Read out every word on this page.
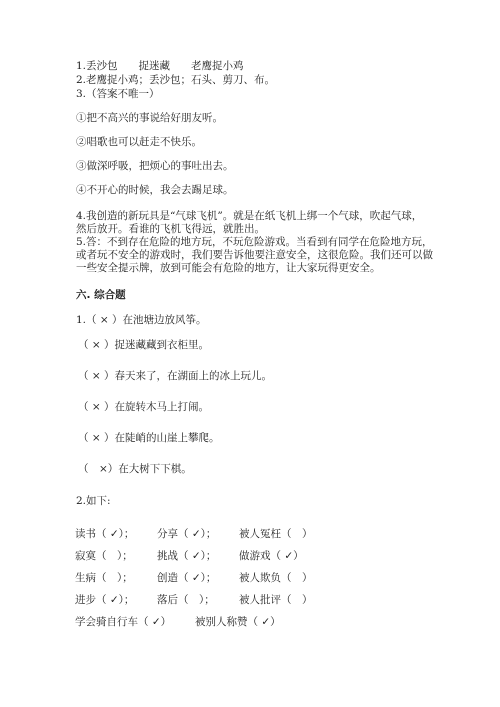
1.丢沙包　　捉迷藏　　老鹰捉小鸡
2.老鹰捉小鸡；丢沙包；石头、剪刀、布。
3.（答案不唯一）
①把不高兴的事说给好朋友听。
②唱歌也可以赶走不快乐。
③做深呼吸，把烦心的事吐出去。
④不开心的时候，我会去踢足球。
4.我创造的新玩具是“气球飞机”。就是在纸飞机上绑一个气球，吹起气球，
然后放开。看谁的飞机飞得远，就胜出。
5.答：不到存在危险的地方玩，不玩危险游戏。当看到有同学在危险地方玩，
或者玩不安全的游戏时，我们要告诉他要注意安全，这很危险。我们还可以做
一些安全提示牌，放到可能会有危险的地方，让大家玩得更安全。
六. 综合题
1.（ × ）在池塘边放风筝。
（ × ）捉迷藏藏到衣柜里。
（ × ）春天来了，在湖面上的冰上玩儿。
（ × ）在旋转木马上打闹。
（ × ）在陡峭的山崖上攀爬。
（　×）在大树下下棋。
2.如下:
读书（ ✓）； 分享（ ✓）； 被人冤枉（　）
寂寞（　）； 挑战（ ✓）； 做游戏（ ✓）
生病（　）； 创造（ ✓）； 被人欺负（　）
进步（ ✓）； 落后（　）； 被人批评（　）
学会骑自行车（ ✓） 被别人称赞（ ✓）
